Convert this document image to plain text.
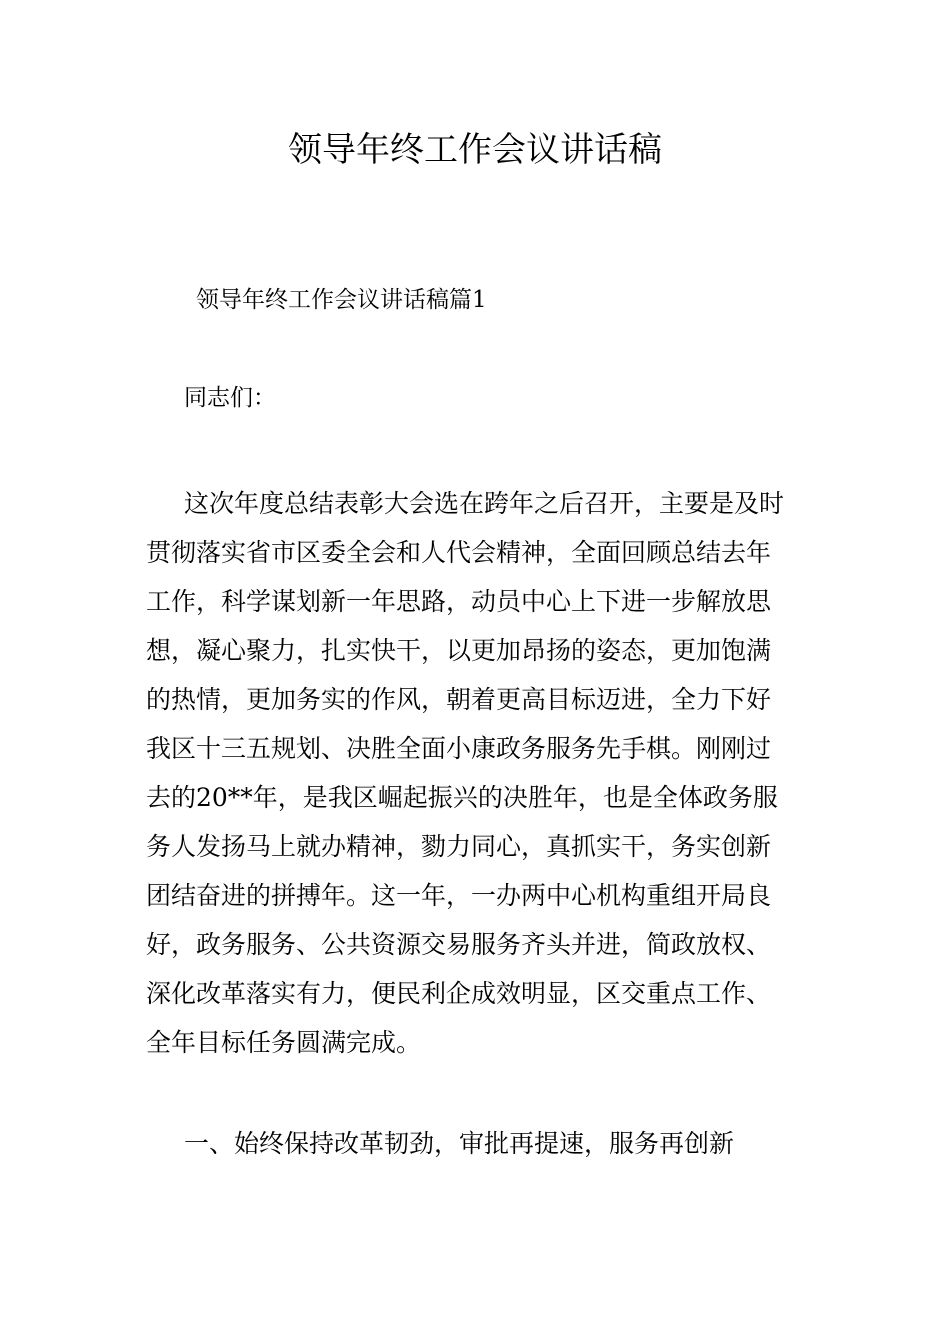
领导年终工作会议讲话稿

领导年终工作会议讲话稿篇1

同志们：

这次年度总结表彰大会选在跨年之后召开，主要是及时
贯彻落实省市区委全会和人代会精神，全面回顾总结去年
工作，科学谋划新一年思路，动员中心上下进一步解放思
想，凝心聚力，扎实快干，以更加昂扬的姿态，更加饱满
的热情，更加务实的作风，朝着更高目标迈进，全力下好
我区十三五规划、决胜全面小康政务服务先手棋。刚刚过
去的20**年，是我区崛起振兴的决胜年，也是全体政务服
务人发扬马上就办精神，勠力同心，真抓实干，务实创新
团结奋进的拼搏年。这一年，一办两中心机构重组开局良
好，政务服务、公共资源交易服务齐头并进，简政放权、
深化改革落实有力，便民利企成效明显，区交重点工作、
全年目标任务圆满完成。

一、始终保持改革韧劲，审批再提速，服务再创新
